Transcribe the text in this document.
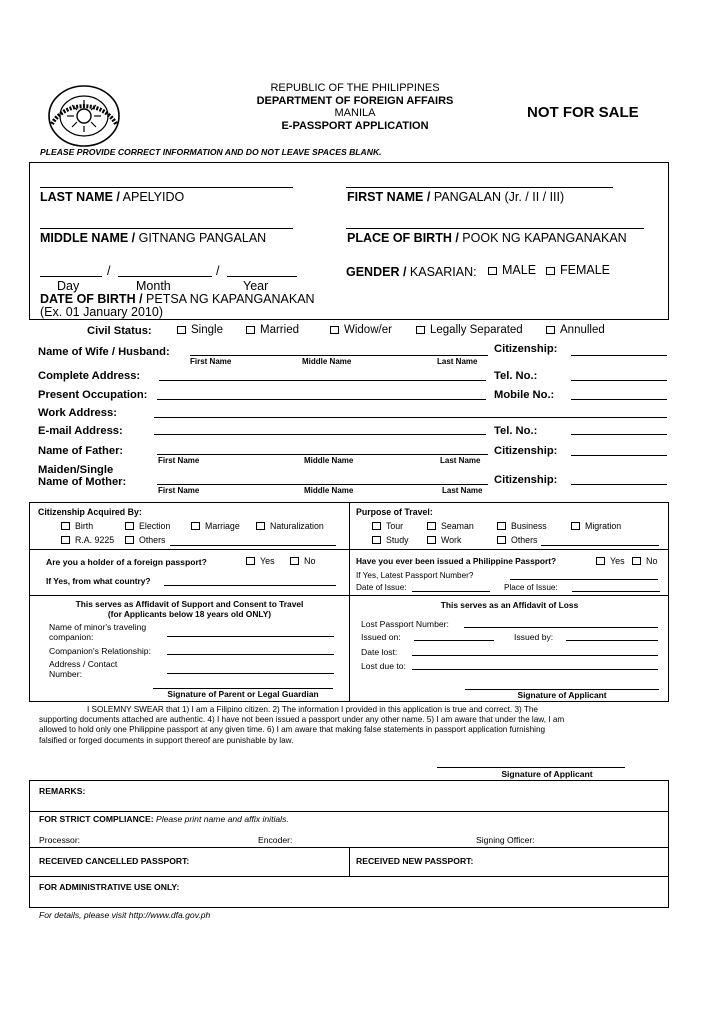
REPUBLIC OF THE PHILIPPINES
DEPARTMENT OF FOREIGN AFFAIRS
MANILA
E-PASSPORT APPLICATION
NOT FOR SALE
PLEASE PROVIDE CORRECT INFORMATION AND DO NOT LEAVE SPACES BLANK.
LAST NAME / APELYIDO	FIRST NAME / PANGALAN (Jr. / II / III)
MIDDLE NAME / GITNANG PANGALAN	PLACE OF BIRTH / POOK NG KAPANGANAKAN
/	/
Day	Month	Year
DATE OF BIRTH / PETSA NG KAPANGANAKAN
(Ex. 01 January 2010)
GENDER / KASARIAN:	MALE	FEMALE
Civil Status:	Single	Married	Widow/er	Legally Separated	Annulled
Name of Wife / Husband:
First Name	Middle Name	Last Name
Citizenship:
Complete Address:	Tel. No.:
Present Occupation:	Mobile No.:
Work Address:
E-mail Address:	Tel. No.:
Name of Father:
First Name	Middle Name	Last Name
Citizenship:
Maiden/Single
Name of Mother:
First Name	Middle Name	Last Name
Citizenship:
Citizenship Acquired By:
Birth	Election	Marriage	Naturalization
R.A. 9225	Others
Purpose of Travel:
Tour	Seaman	Business	Migration
Study	Work	Others
Are you a holder of a foreign passport?	Yes	No
If Yes, from what country?
Have you ever been issued a Philippine Passport?	Yes	No
If Yes, Latest Passport Number?
Date of Issue:	Place of Issue:
This serves as Affidavit of Support and Consent to Travel
(for Applicants below 18 years old ONLY)
Name of minor's traveling
companion:
Companion's Relationship:
Address / Contact
Number:
Signature of Parent or Legal Guardian
This serves as an Affidavit of Loss
Lost Passport Number:
Issued on:	Issued by:
Date lost:
Lost due to:
Signature of Applicant
I SOLEMNY SWEAR that 1) I am a Filipino citizen. 2) The information I provided in this application is true and correct. 3) The
supporting documents attached are authentic. 4) I have not been issued a passport under any other name. 5) I am aware that under the law, I am
allowed to hold only one Philippine passport at any given time. 6) I am aware that making false statements in passport application furnishing
falsified or forged documents in support thereof are punishable by law.
Signature of Applicant
REMARKS:
FOR STRICT COMPLIANCE: Please print name and affix initials.
Processor:	Encoder:	Signing Officer:
RECEIVED CANCELLED PASSPORT:	RECEIVED NEW PASSPORT:
FOR ADMINISTRATIVE USE ONLY:
For details, please visit http://www.dfa.gov.ph
